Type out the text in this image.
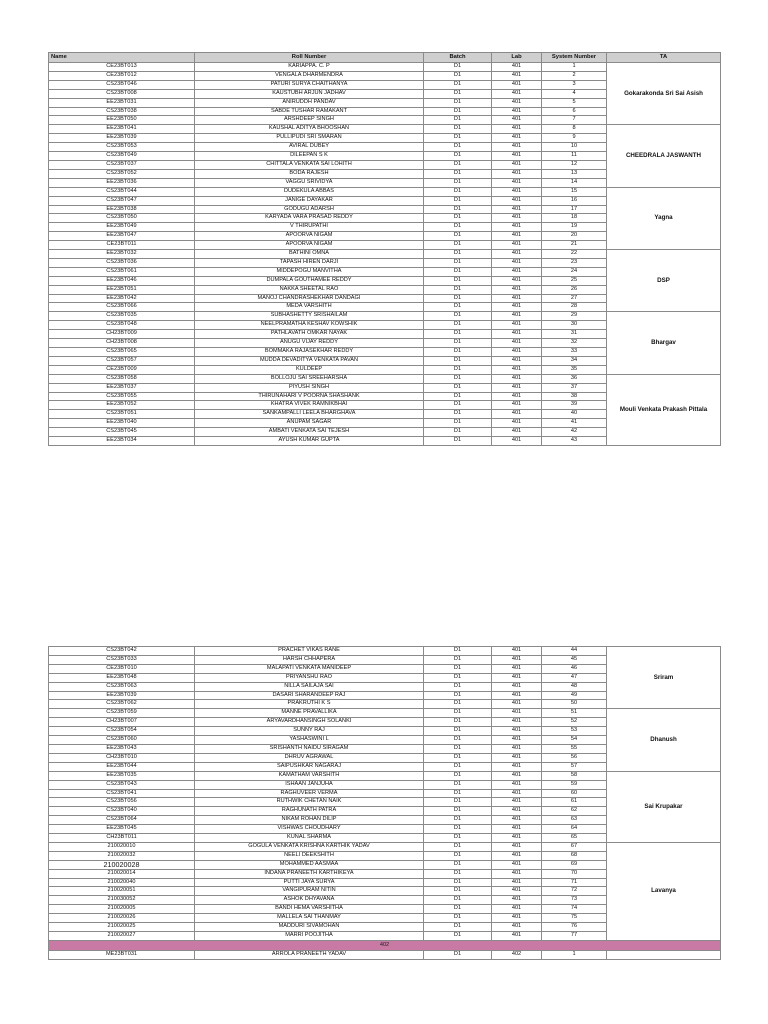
Name	Roll Number	Batch	Lab	System Number	TA
CE23BT013	KARIAPPA. C. P	D1	401	1	Gokarakonda Sri Sai Asish
CE23BT012	VENGALA DHARMENDRA	D1	401	2	
CS23BT046	PATURI SURYA CHAITHANYA	D1	401	3	
CS23BT008	KAUSTUBH ARJUN JADHAV	D1	401	4	
EE23BT031	ANIRUDDH PANDAV	D1	401	5	
CS23BT038	SABDE TUSHAR RAMAKANT	D1	401	6	
EE23BT050	ARSHDEEP SINGH	D1	401	7	
EE23BT041	KAUSHAL ADITYA BHOOSHAN	D1	401	8	CHEEDRALA JASWANTH
EE23BT039	PULLIPUDI SRI SMARAN	D1	401	9	
CS23BT053	AVIRAL DUBEY	D1	401	10	
CS23BT049	DILEEPAN S K	D1	401	11	
CS23BT037	CHITTALA VENKATA SAI LOHITH	D1	401	12	
CS23BT052	BODA RAJESH	D1	401	13	
EE23BT036	VAGGU SRIVIDYA	D1	401	14	
CS23BT044	DUDEKULA ABBAS	D1	401	15	Yagna
CS23BT047	JANIGE DAYAKAR	D1	401	16	
EE23BT038	GODUGU ADARSH	D1	401	17	
CS23BT050	KARYADA VARA PRASAD REDDY	D1	401	18	
EE23BT049	V THIRUPATHI	D1	401	19	
EE23BT047	APOORVA NIGAM	D1	401	20	
CE23BT011	APOORVA NIGAM	D1	401	21	
EE23BT032	BATHINI OMNA	D1	401	22	DSP
CS23BT036	TAPASH HIREN DARJI	D1	401	23	
CS23BT061	MIDDEPOGU MANVITHA	D1	401	24	
EE23BT046	DUMPALA GOUTHAMEE REDDY	D1	401	25	
EE23BT051	NAKKA SHEETAL RAO	D1	401	26	
EE23BT042	MANOJ CHANDRASHEKHAR DANDAGI	D1	401	27	
CS23BT066	MEDA VARSHITH	D1	401	28	
CS23BT035	SUBHASHETTY SRISHAILAM	D1	401	29	Bhargav
CS23BT048	NEELPRAMATHA KESHAV KOWSHIK	D1	401	30	
CH23BT009	PATHLAVATH OMKAR NAYAK	D1	401	31	
CH23BT008	ANUGU VIJAY REDDY	D1	401	32	
CS23BT065	BOMMAKA RAJASEKHAR REDDY	D1	401	33	
CS23BT057	MUDDA DEVADITYA VENKATA PAVAN	D1	401	34	
CE23BT009	KULDEEP	D1	401	35	
CS23BT058	BOLLOJU SAI SREEHARSHA	D1	401	36	Mouli Venkata Prakash Pittala
EE23BT037	PIYUSH SINGH	D1	401	37	
CS23BT055	THIRUNAHARI V POORNA SHASHANK	D1	401	38	
EE23BT052	KHATRA VIVEK RAMNIKBHAI	D1	401	39	
CS23BT051	SANKAMPALLI LEELA BHARGHAVA	D1	401	40	
EE23BT040	ANUPAM SAGAR	D1	401	41	
CS23BT045	AMBATI VENKATA SAI TEJESH	D1	401	42	
EE23BT034	AYUSH KUMAR GUPTA	D1	401	43	
CS23BT042	PRACHET VIKAS RANE	D1	401	44	Sriram
CS23BT033	HARSH CHHAPERA	D1	401	45	
CE23BT010	MALAPATI VENKATA MANIDEEP	D1	401	46	
EE23BT048	PRIYANSHU RAO	D1	401	47	
CS23BT063	NILLA SAILAJA SAI	D1	401	48	
EE23BT039	DASARI SHARANDEEP RAJ	D1	401	49	
CS23BT062	PRAKRUTHI K S	D1	401	50	
CS23BT059	MANNE PRAVALLIKA	D1	401	51	Dhanush
CH23BT007	ARYAVARDHANSINGH SOLANKI	D1	401	52	
CS23BT054	SUNNY RAJ	D1	401	53	
CS23BT060	YASHASWINI L	D1	401	54	
EE23BT043	SRISHANTH NAIDU SIRAGAM	D1	401	55	
CH23BT010	DHRUV AGRAWAL	D1	401	56	
EE23BT044	SAIPUSHKAR NAGARAJ	D1	401	57	
EE23BT035	KAMATHAM VARSHITH	D1	401	58	Sai Krupakar
CS23BT043	ISHAAN JANJUHA	D1	401	59	
CS23BT041	RAGHUVEER VERMA	D1	401	60	
CS23BT056	RUTHWIK CHETAN NAIK	D1	401	61	
CS23BT040	RAGHUNATH PATRA	D1	401	62	
CS23BT064	NIKAM ROHAN DILIP	D1	401	63	
EE23BT045	VISHWAS CHOUDHARY	D1	401	64	
CH23BT011	KUNAL SHARMA	D1	401	65	
210020010	GOGULA VENKATA KRISHNA KARTHIK YADAV	D1	401	67	Lavanya
210020032	NEELI DEEKSHITH	D1	401	68	
210020028	MOHAMMED AASMAA	D1	401	69	
210020014	INDANA PRANEETH KARTHIKEYA	D1	401	70	
210020040	PUTTI JAYA SURYA	D1	401	71	
210020051	VANGIPURAM NITIN	D1	401	72	
210030052	ASHOK DHYAVANA	D1	401	73	
210020005	BANDI HEMA VARSHITHA	D1	401	74	
210020026	MALLELA SAI THANMAY	D1	401	75	
210020025	MADDURI SIVAMOHAN	D1	401	76	
210020027	MARRI POOJITHA	D1	401	77	
402					
ME23BT031	ARROLA PRANEETH YADAV	D1	402	1	
